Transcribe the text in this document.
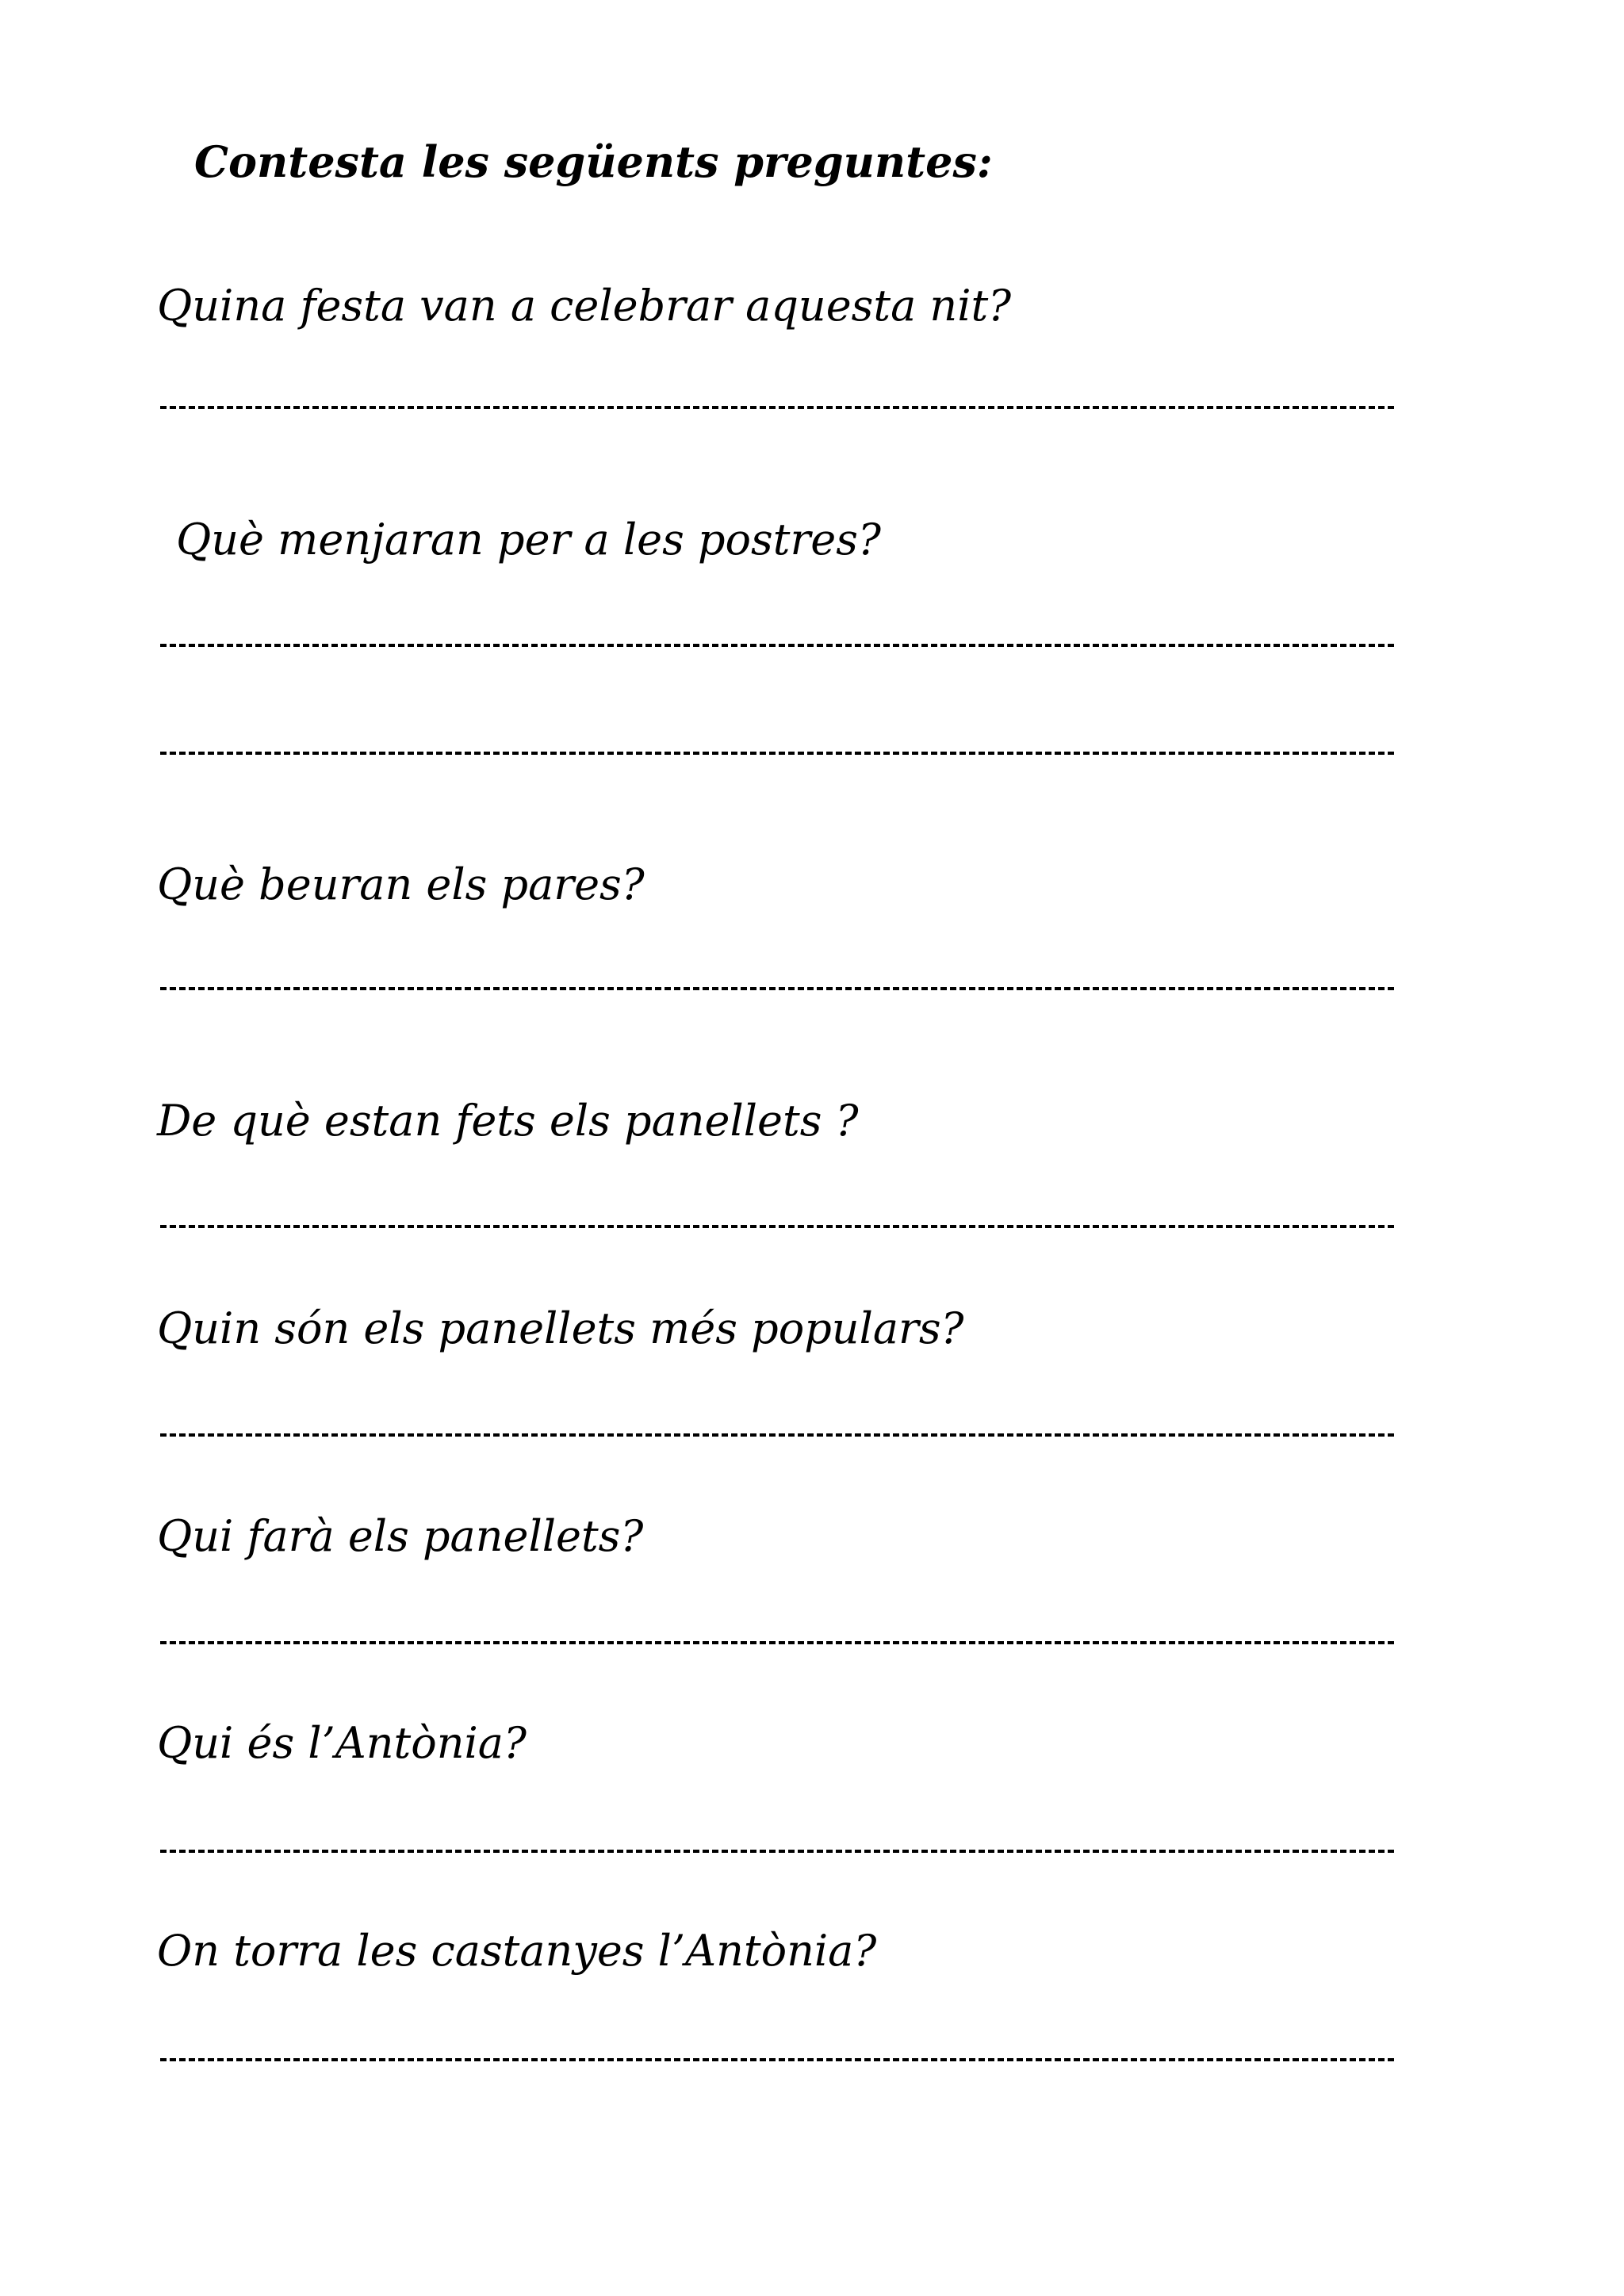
Contesta les següents preguntes:
Quina festa van a celebrar aquesta nit?
Què menjaran per a les postres?
Què beuran els pares?
De què estan fets els panellets ?
Quin són els panellets més populars?
Qui farà els panellets?
Qui és l’Antònia?
On torra les castanyes l’Antònia?
